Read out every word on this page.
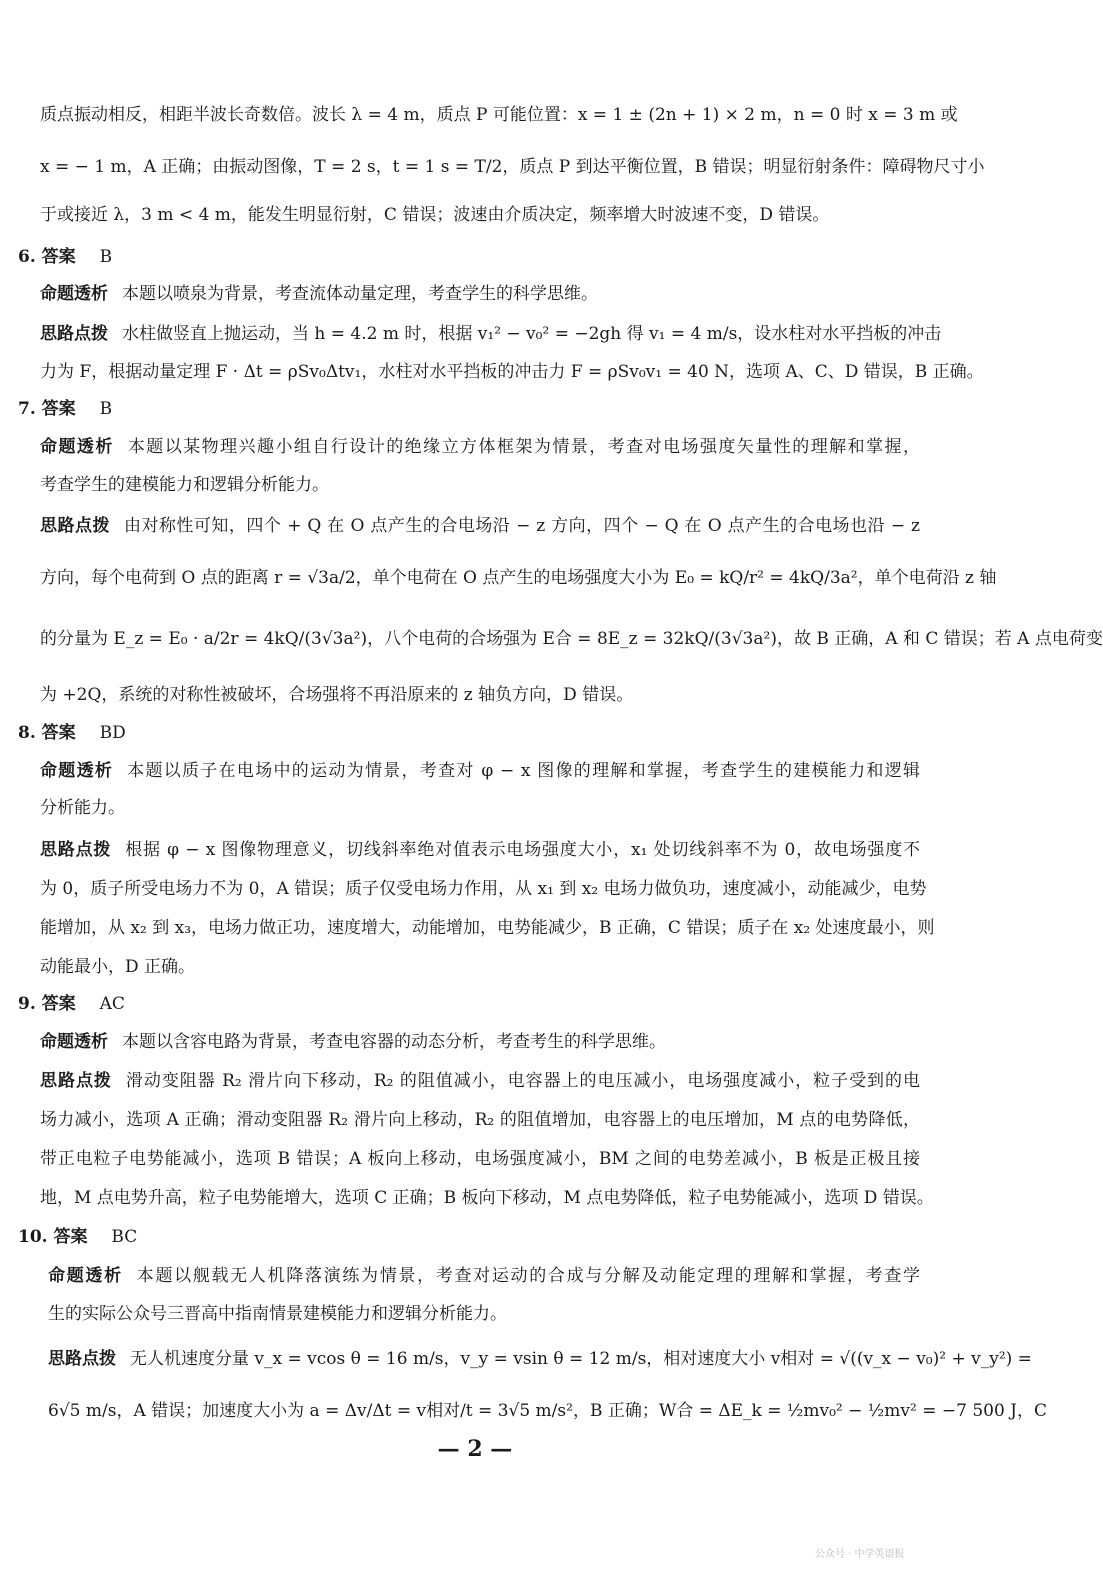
质点振动相反，相距半波长奇数倍。波长 λ = 4 m，质点 P 可能位置：x = 1 ± (2n + 1) × 2 m，n = 0 时 x = 3 m 或
x = − 1 m，A 正确；由振动图像，T = 2 s，t = 1 s = T/2，质点 P 到达平衡位置，B 错误；明显衍射条件：障碍物尺寸小
于或接近 λ，3 m < 4 m，能发生明显衍射，C 错误；波速由介质决定，频率增大时波速不变，D 错误。
6. 答案 B
命题透析 本题以喷泉为背景，考查流体动量定理，考查学生的科学思维。
思路点拨 水柱做竖直上抛运动，当 h = 4.2 m 时，根据 v₁² − v₀² = −2gh 得 v₁ = 4 m/s，设水柱对水平挡板的冲击
力为 F，根据动量定理 F · Δt = ρSv₀Δtv₁，水柱对水平挡板的冲击力 F = ρSv₀v₁ = 40 N，选项 A、C、D 错误，B 正确。
7. 答案 B
命题透析 本题以某物理兴趣小组自行设计的绝缘立方体框架为情景，考查对电场强度矢量性的理解和掌握，
考查学生的建模能力和逻辑分析能力。
思路点拨 由对称性可知，四个 + Q 在 O 点产生的合电场沿 − z 方向，四个 − Q 在 O 点产生的合电场也沿 − z
方向，每个电荷到 O 点的距离 r = √3a/2，单个电荷在 O 点产生的电场强度大小为 E₀ = kQ/r² = 4kQ/3a²，单个电荷沿 z 轴
的分量为 E_z = E₀ · a/2r = 4kQ/(3√3a²)，八个电荷的合场强为 E合 = 8E_z = 32kQ/(3√3a²)，故 B 正确，A 和 C 错误；若 A 点电荷变
为 +2Q，系统的对称性被破坏，合场强将不再沿原来的 z 轴负方向，D 错误。
8. 答案 BD
命题透析 本题以质子在电场中的运动为情景，考查对 φ − x 图像的理解和掌握，考查学生的建模能力和逻辑
分析能力。
思路点拨 根据 φ − x 图像物理意义，切线斜率绝对值表示电场强度大小，x₁ 处切线斜率不为 0，故电场强度不
为 0，质子所受电场力不为 0，A 错误；质子仅受电场力作用，从 x₁ 到 x₂ 电场力做负功，速度减小，动能减少，电势
能增加，从 x₂ 到 x₃，电场力做正功，速度增大，动能增加，电势能减少，B 正确，C 错误；质子在 x₂ 处速度最小，则
动能最小，D 正确。
9. 答案 AC
命题透析 本题以含容电路为背景，考查电容器的动态分析，考查考生的科学思维。
思路点拨 滑动变阻器 R₂ 滑片向下移动，R₂ 的阻值减小，电容器上的电压减小，电场强度减小，粒子受到的电
场力减小，选项 A 正确；滑动变阻器 R₂ 滑片向上移动，R₂ 的阻值增加，电容器上的电压增加，M 点的电势降低，
带正电粒子电势能减小，选项 B 错误；A 板向上移动，电场强度减小，BM 之间的电势差减小，B 板是正极且接
地，M 点电势升高，粒子电势能增大，选项 C 正确；B 板向下移动，M 点电势降低，粒子电势能减小，选项 D 错误。
10. 答案 BC
命题透析 本题以舰载无人机降落演练为情景，考查对运动的合成与分解及动能定理的理解和掌握，考查学
生的实际公众号三晋高中指南情景建模能力和逻辑分析能力。
思路点拨 无人机速度分量 v_x = vcos θ = 16 m/s，v_y = vsin θ = 12 m/s，相对速度大小 v相对 = √((v_x − v₀)² + v_y²) =
6√5 m/s，A 错误；加速度大小为 a = Δv/Δt = v相对/t = 3√5 m/s²，B 正确；W合 = ΔE_k = ½mv₀² − ½mv² = −7 500 J，C
— 2 —
公众号 · 中学英语报
